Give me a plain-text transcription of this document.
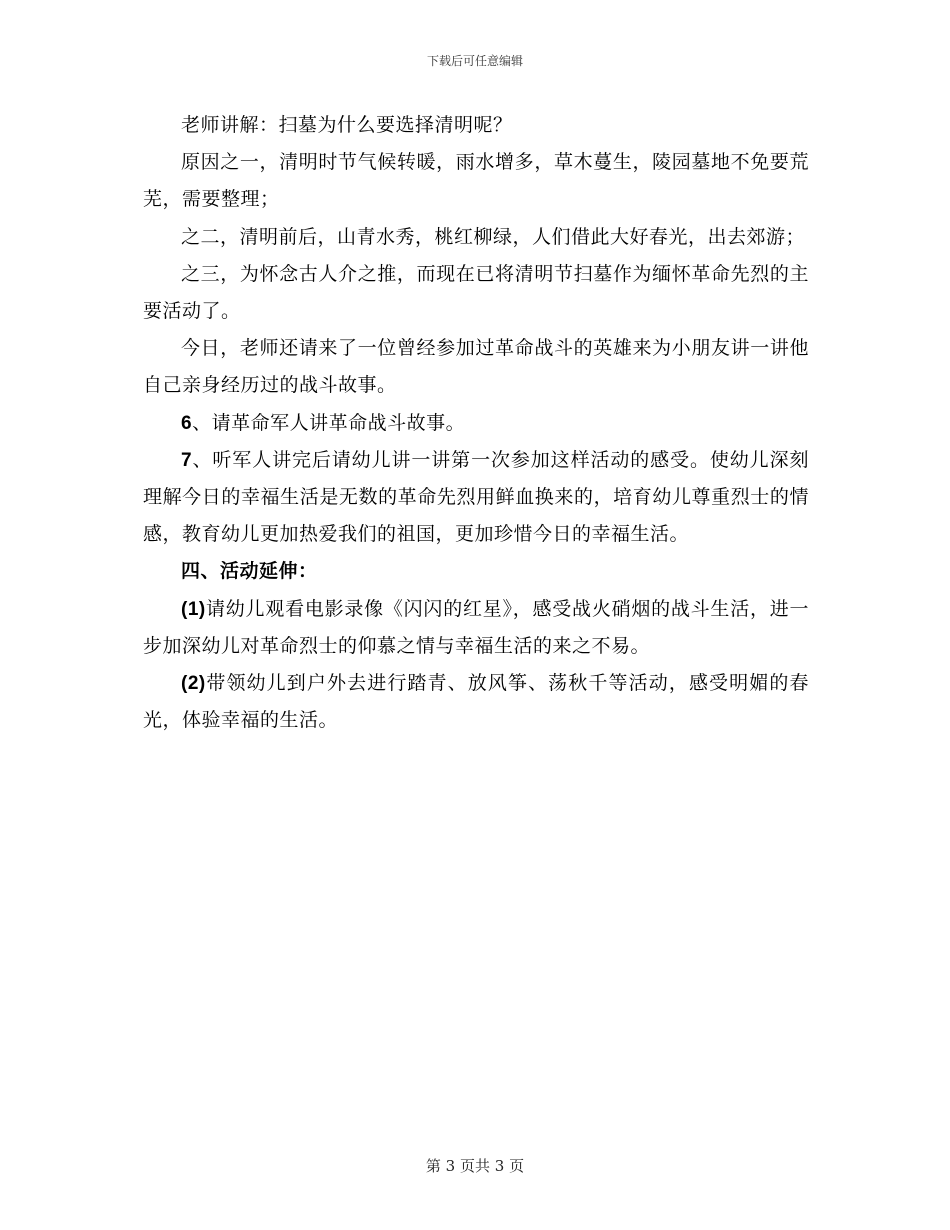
下载后可任意编辑

老师讲解：扫墓为什么要选择清明呢？

原因之一，清明时节气候转暖，雨水增多，草木蔓生，陵园墓地不免要荒芜，需要整理；

之二，清明前后，山青水秀，桃红柳绿，人们借此大好春光，出去郊游；

之三，为怀念古人介之推，而现在已将清明节扫墓作为缅怀革命先烈的主要活动了。

今日，老师还请来了一位曾经参加过革命战斗的英雄来为小朋友讲一讲他自己亲身经历过的战斗故事。

6、请革命军人讲革命战斗故事。

7、听军人讲完后请幼儿讲一讲第一次参加这样活动的感受。使幼儿深刻理解今日的幸福生活是无数的革命先烈用鲜血换来的，培育幼儿尊重烈士的情感，教育幼儿更加热爱我们的祖国，更加珍惜今日的幸福生活。

四、活动延伸：

(1)请幼儿观看电影录像《闪闪的红星》，感受战火硝烟的战斗生活，进一步加深幼儿对革命烈士的仰慕之情与幸福生活的来之不易。

(2)带领幼儿到户外去进行踏青、放风筝、荡秋千等活动，感受明媚的春光，体验幸福的生活。

第 3 页共 3 页
